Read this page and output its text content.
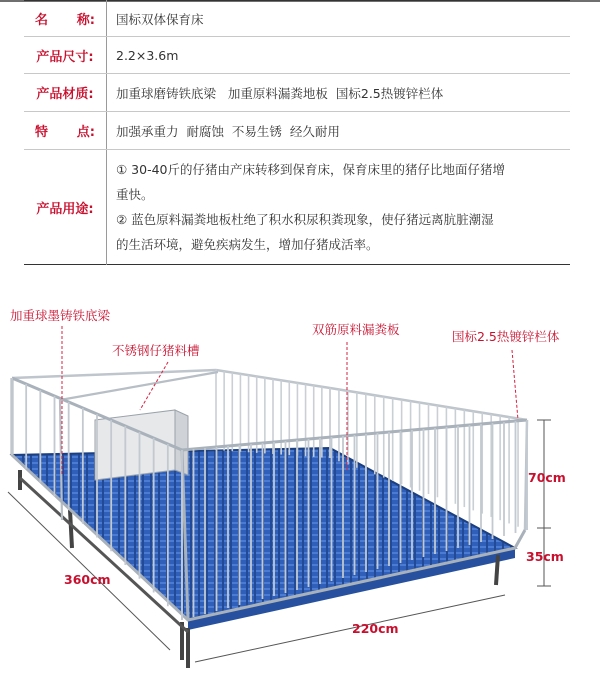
名 称:	国标双体保育床
产品尺寸:	2.2×3.6m
产品材质:	加重球磨铸铁底梁   加重原料漏粪地板  国标2.5热镀锌栏体

特 点:	加强承重力  耐腐蚀  不易生锈  经久耐用
产品用途:	① 30-40斤的仔猪由产床转移到保育床，保育床里的猪仔比地面仔猪增
重快。
② 蓝色原料漏粪地板杜绝了积水积尿积粪现象，使仔猪远离肮脏潮湿
的生活环境，避免疾病发生，增加仔猪成活率。
加重球墨铸铁底梁
不锈钢仔猪料槽
双筋原料漏粪板	国标2.5热镀锌栏体
70cm
35cm
360cm
220cm
